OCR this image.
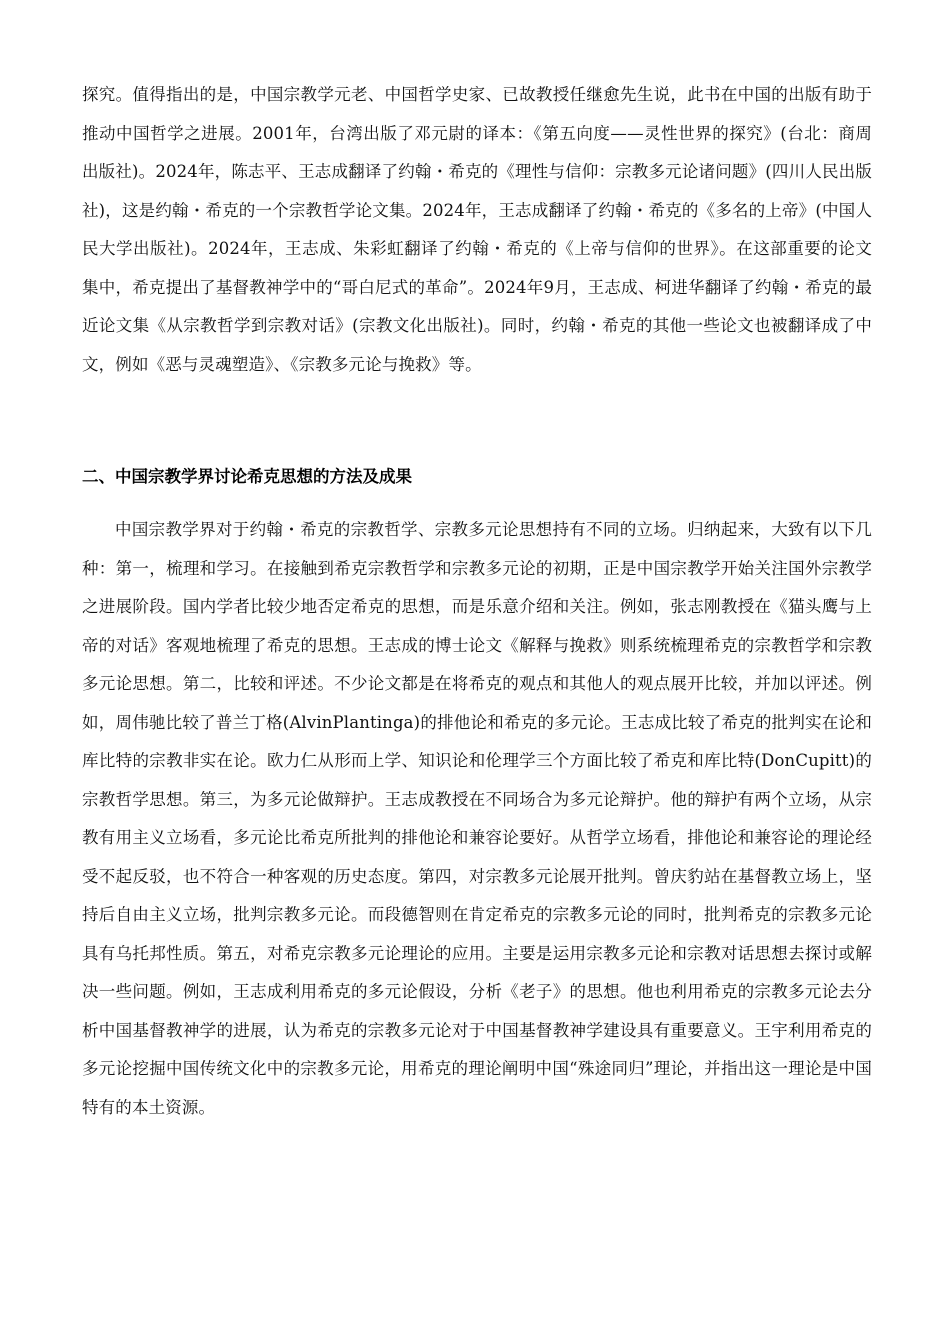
探究。值得指出的是，中国宗教学元老、中国哲学史家、已故教授任继愈先生说，此书在中国的出版有助于推动中国哲学之进展。2001年，台湾出版了邓元尉的译本：《第五向度——灵性世界的探究》(台北：商周出版社)。2024年，陈志平、王志成翻译了约翰・希克的《理性与信仰：宗教多元论诸问题》(四川人民出版社)，这是约翰・希克的一个宗教哲学论文集。2024年，王志成翻译了约翰・希克的《多名的上帝》(中国人民大学出版社)。2024年，王志成、朱彩虹翻译了约翰・希克的《上帝与信仰的世界》。在这部重要的论文集中，希克提出了基督教神学中的“哥白尼式的革命”。2024年9月，王志成、柯进华翻译了约翰・希克的最近论文集《从宗教哲学到宗教对话》(宗教文化出版社)。同时，约翰・希克的其他一些论文也被翻译成了中文，例如《恶与灵魂塑造》、《宗教多元论与挽救》等。

二、中国宗教学界讨论希克思想的方法及成果

中国宗教学界对于约翰・希克的宗教哲学、宗教多元论思想持有不同的立场。归纳起来，大致有以下几种：第一，梳理和学习。在接触到希克宗教哲学和宗教多元论的初期，正是中国宗教学开始关注国外宗教学之进展阶段。国内学者比较少地否定希克的思想，而是乐意介绍和关注。例如，张志刚教授在《猫头鹰与上帝的对话》客观地梳理了希克的思想。王志成的博士论文《解释与挽救》则系统梳理希克的宗教哲学和宗教多元论思想。第二，比较和评述。不少论文都是在将希克的观点和其他人的观点展开比较，并加以评述。例如，周伟驰比较了普兰丁格(AlvinPlantinga)的排他论和希克的多元论。王志成比较了希克的批判实在论和库比特的宗教非实在论。欧力仁从形而上学、知识论和伦理学三个方面比较了希克和库比特(DonCupitt)的宗教哲学思想。第三，为多元论做辩护。王志成教授在不同场合为多元论辩护。他的辩护有两个立场，从宗教有用主义立场看，多元论比希克所批判的排他论和兼容论要好。从哲学立场看，排他论和兼容论的理论经受不起反驳，也不符合一种客观的历史态度。第四，对宗教多元论展开批判。曾庆豹站在基督教立场上，坚持后自由主义立场，批判宗教多元论。而段德智则在肯定希克的宗教多元论的同时，批判希克的宗教多元论具有乌托邦性质。第五，对希克宗教多元论理论的应用。主要是运用宗教多元论和宗教对话思想去探讨或解决一些问题。例如，王志成利用希克的多元论假设，分析《老子》的思想。他也利用希克的宗教多元论去分析中国基督教神学的进展，认为希克的宗教多元论对于中国基督教神学建设具有重要意义。王宇利用希克的多元论挖掘中国传统文化中的宗教多元论，用希克的理论阐明中国“殊途同归”理论，并指出这一理论是中国特有的本土资源。
